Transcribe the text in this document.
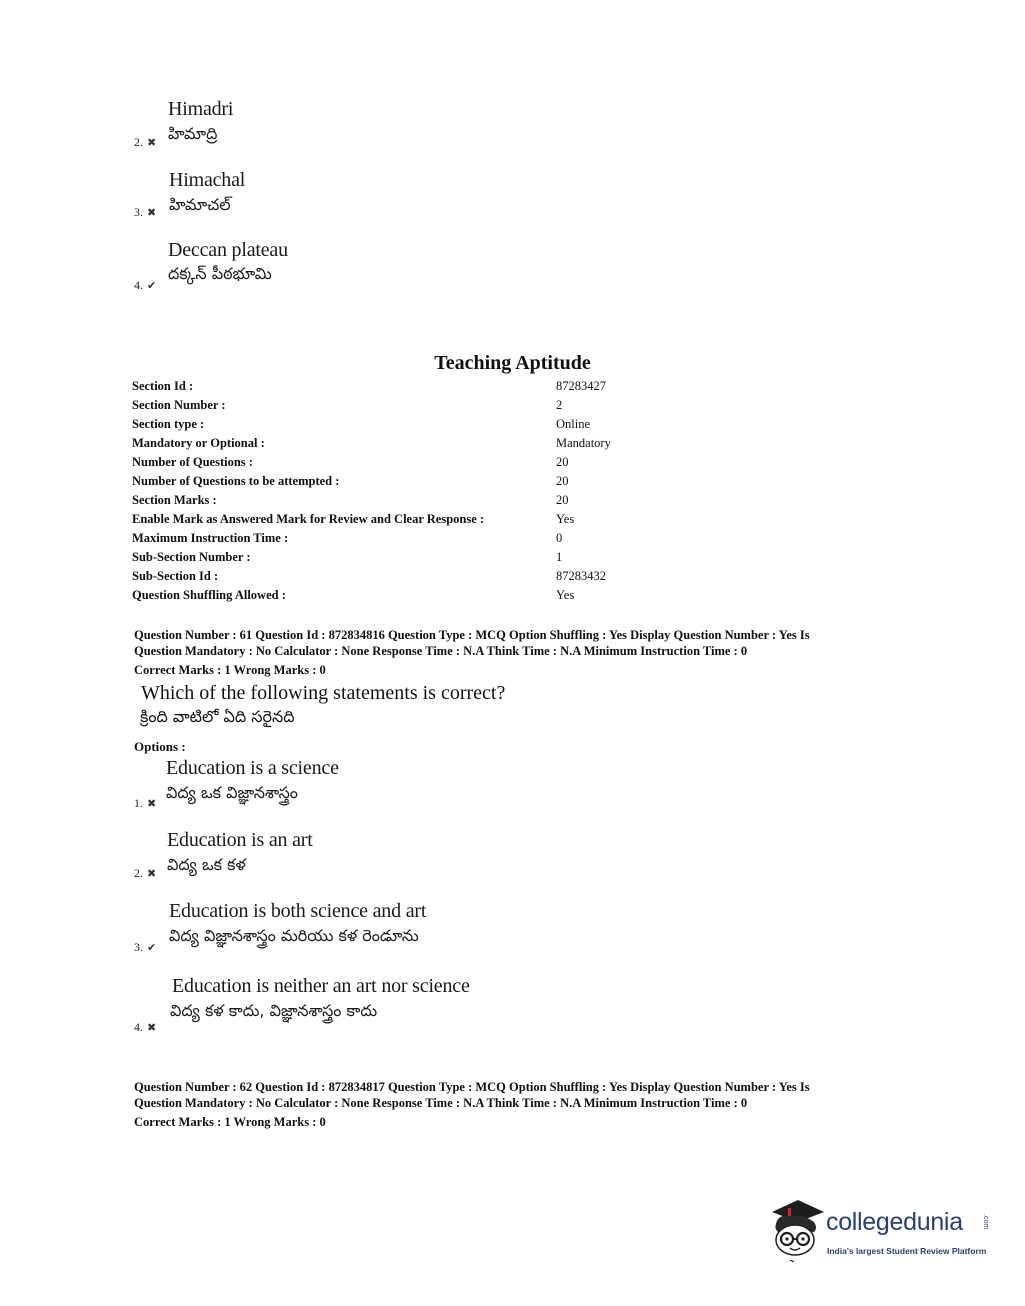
Himadri
హిమాద్రి
2. ✖
Himachal
హిమాచల్
3. ✖
Deccan plateau
దక్కన్ పీఠభూమి
4. ✔
Teaching Aptitude
Section Id :	87283427
Section Number :	2
Section type :	Online
Mandatory or Optional :	Mandatory
Number of Questions :	20
Number of Questions to be attempted :	20
Section Marks :	20
Enable Mark as Answered Mark for Review and Clear Response :	Yes
Maximum Instruction Time :	0
Sub-Section Number :	1
Sub-Section Id :	87283432
Question Shuffling Allowed :	Yes
Question Number : 61 Question Id : 872834816 Question Type : MCQ Option Shuffling : Yes Display Question Number : Yes Is
Question Mandatory : No Calculator : None Response Time : N.A Think Time : N.A Minimum Instruction Time : 0
Correct Marks : 1 Wrong Marks : 0
Which of the following statements is correct?
క్రింది వాటిలో ఏది సరైనది
Options :
Education is a science
విద్య ఒక విజ్ఞానశాస్త్రం
1. ✖
Education is an art
విద్య ఒక కళ
2. ✖
Education is both science and art
విద్య విజ్ఞానశాస్త్రం మరియు కళ రెండూను
3. ✔
Education is neither an art nor science
విద్య కళ కాదు, విజ్ఞానశాస్త్రం కాదు
4. ✖
Question Number : 62 Question Id : 872834817 Question Type : MCQ Option Shuffling : Yes Display Question Number : Yes Is
Question Mandatory : No Calculator : None Response Time : N.A Think Time : N.A Minimum Instruction Time : 0
Correct Marks : 1 Wrong Marks : 0
collegedunia	.com
India's largest Student Review Platform
